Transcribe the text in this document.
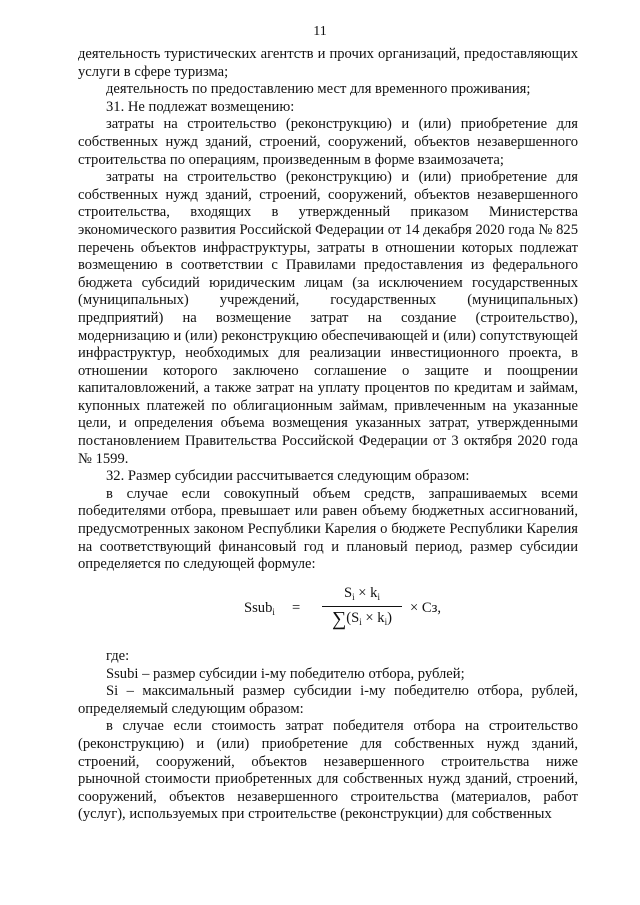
11

деятельность туристических агентств и прочих организаций, предоставляющих услуги в сфере туризма;

деятельность по предоставлению мест для временного проживания;

31. Не подлежат возмещению:

затраты на строительство (реконструкцию) и (или) приобретение для собственных нужд зданий, строений, сооружений, объектов незавершенного строительства по операциям, произведенным в форме взаимозачета;

затраты на строительство (реконструкцию) и (или) приобретение для собственных нужд зданий, строений, сооружений, объектов незавершенного строительства, входящих в утвержденный приказом Министерства экономического развития Российской Федерации от 14 декабря 2020 года № 825 перечень объектов инфраструктуры, затраты в отношении которых подлежат возмещению в соответствии с Правилами предоставления из федерального бюджета субсидий юридическим лицам (за исключением государственных (муниципальных) учреждений, государственных (муниципальных) предприятий) на возмещение затрат на создание (строительство), модернизацию и (или) реконструкцию обеспечивающей и (или) сопутствующей инфраструктур, необходимых для реализации инвестиционного проекта, в отношении которого заключено соглашение о защите и поощрении капиталовложений, а также затрат на уплату процентов по кредитам и займам, купонных платежей по облигационным займам, привлеченным на указанные цели, и определения объема возмещения указанных затрат, утвержденными постановлением Правительства Российской Федерации от 3 октября 2020 года № 1599.

32. Размер субсидии рассчитывается следующим образом:

в случае если совокупный объем средств, запрашиваемых всеми победителями отбора, превышает или равен объему бюджетных ассигнований, предусмотренных законом Республики Карелия о бюджете Республики Карелия на соответствующий финансовый год и плановый период, размер субсидии определяется по следующей формуле:

Ssub$_i$ =
$S_i \times k_i$
$\sum(S_i \times k_i)$
× Сз,

где:

Ssubi – размер субсидии i-му победителю отбора, рублей;

Si – максимальный размер субсидии i-му победителю отбора, рублей, определяемый следующим образом:

в случае если стоимость затрат победителя отбора на строительство (реконструкцию) и (или) приобретение для собственных нужд зданий, строений, сооружений, объектов незавершенного строительства ниже рыночной стоимости приобретенных для собственных нужд зданий, строений, сооружений, объектов незавершенного строительства (материалов, работ (услуг), используемых при строительстве (реконструкции) для собственных
